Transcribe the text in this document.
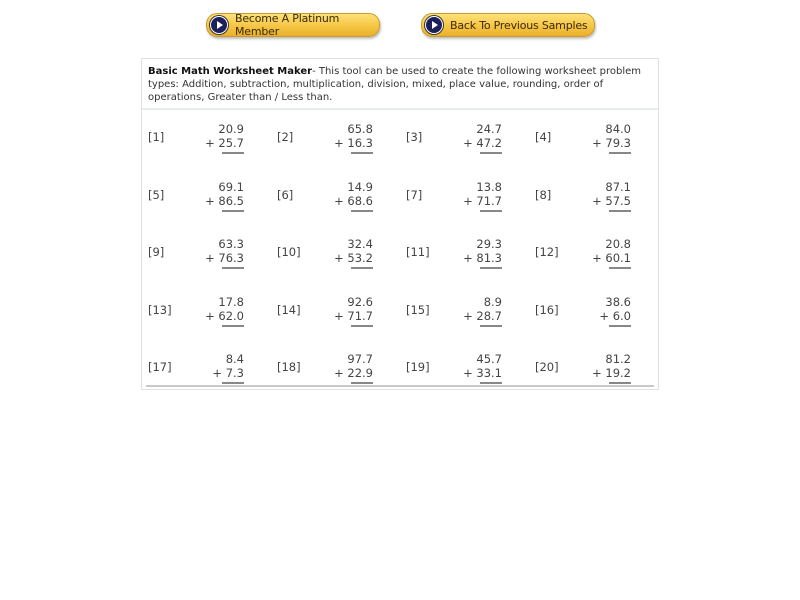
Become A Platinum Member	Back To Previous Samples
Basic Math Worksheet Maker- This tool can be used to create the following worksheet problem types: Addition, subtraction, multiplication, division, mixed, place value, rounding, order of operations, Greater than / Less than.
[1]
20.9
+ 25.7	[2]
65.8
+ 16.3	[3]
24.7
+ 47.2	[4]
84.0
+ 79.3
[5]
69.1
+ 86.5	[6]
14.9
+ 68.6	[7]
13.8
+ 71.7	[8]
87.1
+ 57.5
[9]
63.3
+ 76.3	[10]
32.4
+ 53.2	[11]
29.3
+ 81.3	[12]
20.8
+ 60.1
[13]
17.8
+ 62.0	[14]
92.6
+ 71.7	[15]
8.9
+ 28.7	[16]
38.6
+ 6.0
[17]
8.4
+ 7.3	[18]
97.7
+ 22.9	[19]
45.7
+ 33.1	[20]
81.2
+ 19.2
